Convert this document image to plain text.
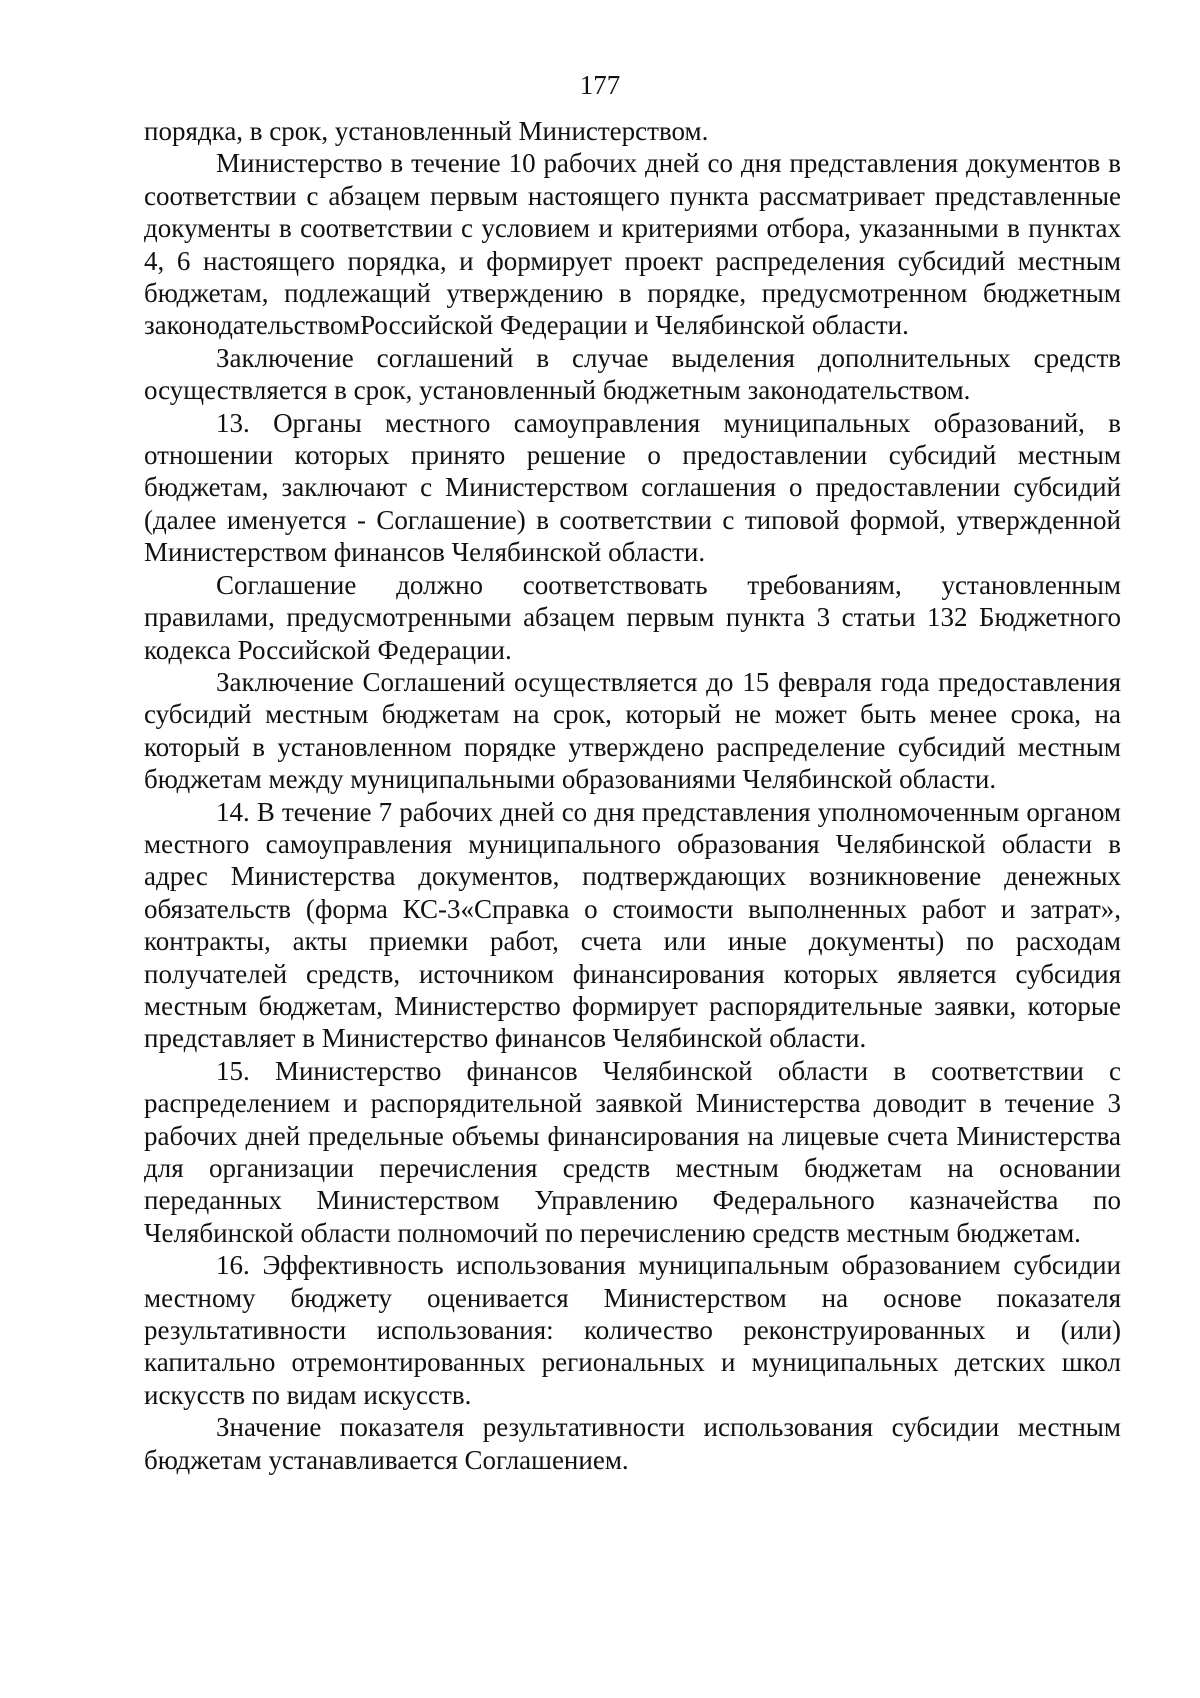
177

порядка, в срок, установленный Министерством.

Министерство в течение 10 рабочих дней со дня представления документов в соответствии с абзацем первым настоящего пункта рассматривает представленные документы в соответствии с условием и критериями отбора, указанными в пунктах 4, 6 настоящего порядка, и формирует проект распределения субсидий местным бюджетам, подлежащий утверждению в порядке, предусмотренном бюджетным законодательствомРоссийской Федерации и Челябинской области.

Заключение соглашений в случае выделения дополнительных средств осуществляется в срок, установленный бюджетным законодательством.

13. Органы местного самоуправления муниципальных образований, в отношении которых принято решение о предоставлении субсидий местным бюджетам, заключают с Министерством соглашения о предоставлении субсидий (далее именуется - Соглашение) в соответствии с типовой формой, утвержденной Министерством финансов Челябинской области.

Соглашение должно соответствовать требованиям, установленным правилами, предусмотренными абзацем первым пункта 3 статьи 132 Бюджетного кодекса Российской Федерации.

Заключение Соглашений осуществляется до 15 февраля года предоставления субсидий местным бюджетам на срок, который не может быть менее срока, на который в установленном порядке утверждено распределение субсидий местным бюджетам между муниципальными образованиями Челябинской области.

14. В течение 7 рабочих дней со дня представления уполномоченным органом местного самоуправления муниципального образования Челябинской области в адрес Министерства документов, подтверждающих возникновение денежных обязательств (форма КС-3«Справка о стоимости выполненных работ и затрат», контракты, акты приемки работ, счета или иные документы) по расходам получателей средств, источником финансирования которых является субсидия местным бюджетам, Министерство формирует распорядительные заявки, которые представляет в Министерство финансов Челябинской области.

15. Министерство финансов Челябинской области в соответствии с распределением и распорядительной заявкой Министерства доводит в течение 3 рабочих дней предельные объемы финансирования на лицевые счета Министерства для организации перечисления средств местным бюджетам на основании переданных Министерством Управлению Федерального казначейства по Челябинской области полномочий по перечислению средств местным бюджетам.

16. Эффективность использования муниципальным образованием субсидии местному бюджету оценивается Министерством на основе показателя результативности использования: количество реконструированных и (или) капитально отремонтированных региональных и муниципальных детских школ искусств по видам искусств.

Значение показателя результативности использования субсидии местным бюджетам устанавливается Соглашением.
